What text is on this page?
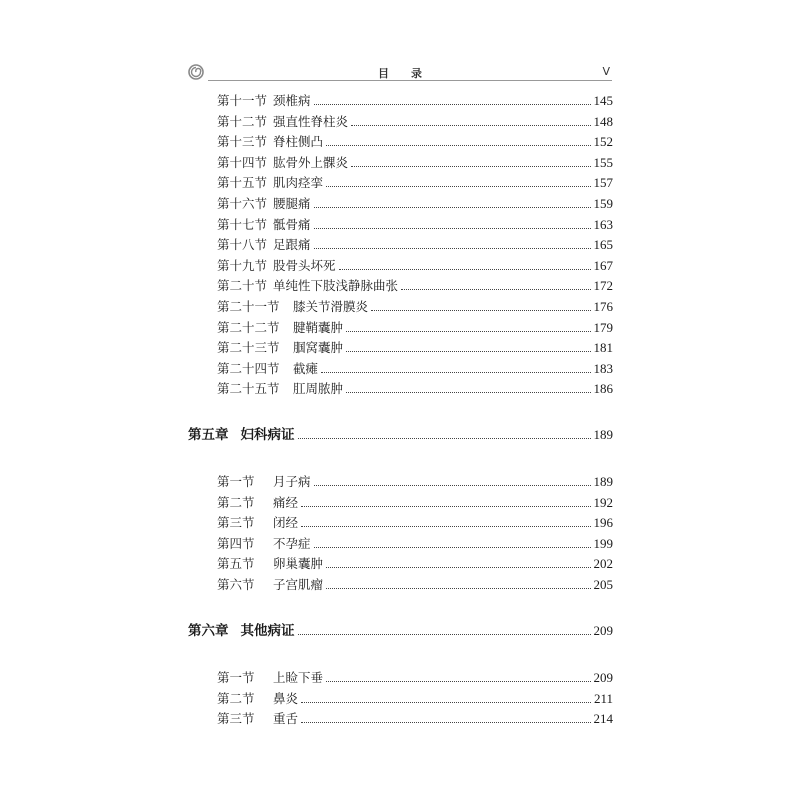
目录	V
第十一节 颈椎病	145
第十二节 强直性脊柱炎	148
第十三节 脊柱侧凸	152
第十四节 肱骨外上髁炎	155
第十五节 肌肉痉挛	157
第十六节 腰腿痛	159
第十七节 骶骨痛	163
第十八节 足跟痛	165
第十九节 股骨头坏死	167
第二十节 单纯性下肢浅静脉曲张	172
第二十一节 膝关节滑膜炎	176
第二十二节 腱鞘囊肿	179
第二十三节 腘窝囊肿	181
第二十四节 截瘫	183
第二十五节 肛周脓肿	186
第五章 妇科病证	189
第一节	月子病	189
第二节	痛经	192
第三节	闭经	196
第四节	不孕症	199
第五节	卵巢囊肿	202
第六节	子宫肌瘤	205
第六章 其他病证	209
第一节	上睑下垂	209
第二节	鼻炎	211
第三节	重舌	214
